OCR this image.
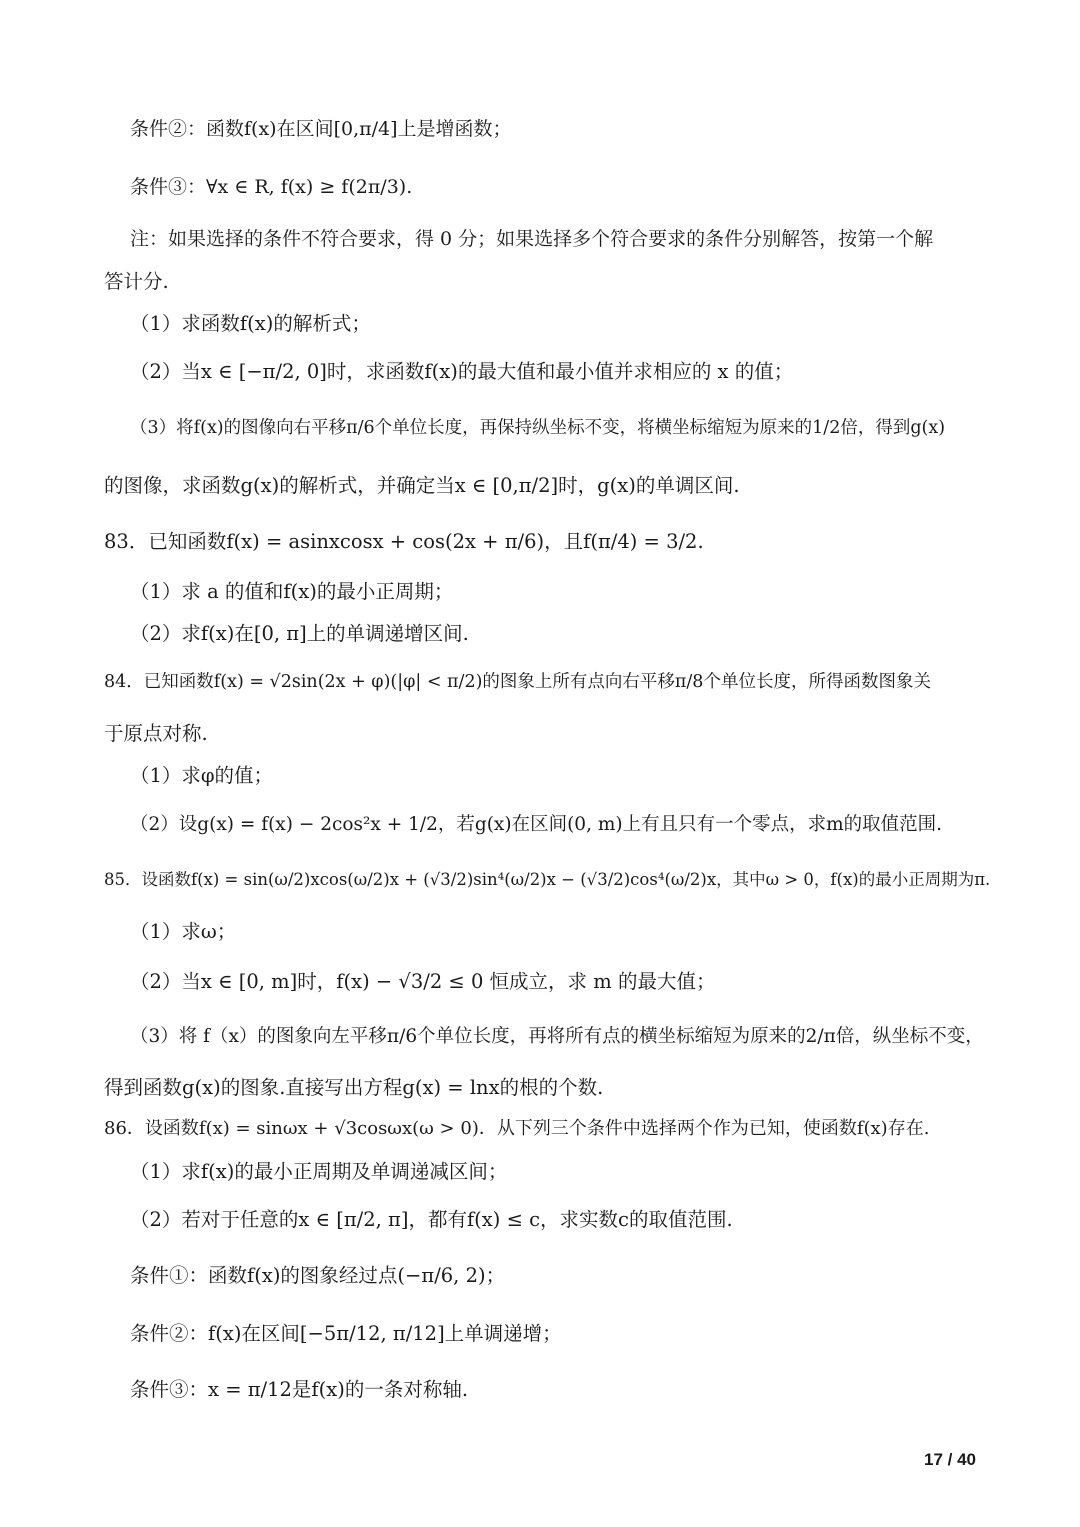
条件②：函数f(x)在区间[0,π/4]上是增函数；
条件③：∀x ∈ R, f(x) ≥ f(2π/3).
注：如果选择的条件不符合要求，得 0 分；如果选择多个符合要求的条件分别解答，按第一个解
答计分.
（1）求函数f(x)的解析式；
（2）当x ∈ [−π/2, 0]时，求函数f(x)的最大值和最小值并求相应的 x 的值；
（3）将f(x)的图像向右平移π/6个单位长度，再保持纵坐标不变，将横坐标缩短为原来的1/2倍，得到g(x)
的图像，求函数g(x)的解析式，并确定当x ∈ [0,π/2]时，g(x)的单调区间.
83．已知函数f(x) = asinxcosx + cos(2x + π/6)，且f(π/4) = 3/2.
（1）求 a 的值和f(x)的最小正周期；
（2）求f(x)在[0, π]上的单调递增区间.
84．已知函数f(x) = √2sin(2x + φ)(|φ| < π/2)的图象上所有点向右平移π/8个单位长度，所得函数图象关
于原点对称.
（1）求φ的值；
（2）设g(x) = f(x) − 2cos²x + 1/2，若g(x)在区间(0, m)上有且只有一个零点，求m的取值范围.
85．设函数f(x) = sin(ω/2)xcos(ω/2)x + (√3/2)sin⁴(ω/2)x − (√3/2)cos⁴(ω/2)x，其中ω > 0，f(x)的最小正周期为π.
（1）求ω；
（2）当x ∈ [0, m]时，f(x) − √3/2 ≤ 0 恒成立，求 m 的最大值；
（3）将 f（x）的图象向左平移π/6个单位长度，再将所有点的横坐标缩短为原来的2/π倍，纵坐标不变，
得到函数g(x)的图象.直接写出方程g(x) = lnx的根的个数.
86．设函数f(x) = sinωx + √3cosωx(ω > 0)．从下列三个条件中选择两个作为已知，使函数f(x)存在.
（1）求f(x)的最小正周期及单调递减区间；
（2）若对于任意的x ∈ [π/2, π]，都有f(x) ≤ c，求实数c的取值范围.
条件①：函数f(x)的图象经过点(−π/6, 2)；
条件②：f(x)在区间[−5π/12, π/12]上单调递增；
条件③：x = π/12是f(x)的一条对称轴.
17 / 40
